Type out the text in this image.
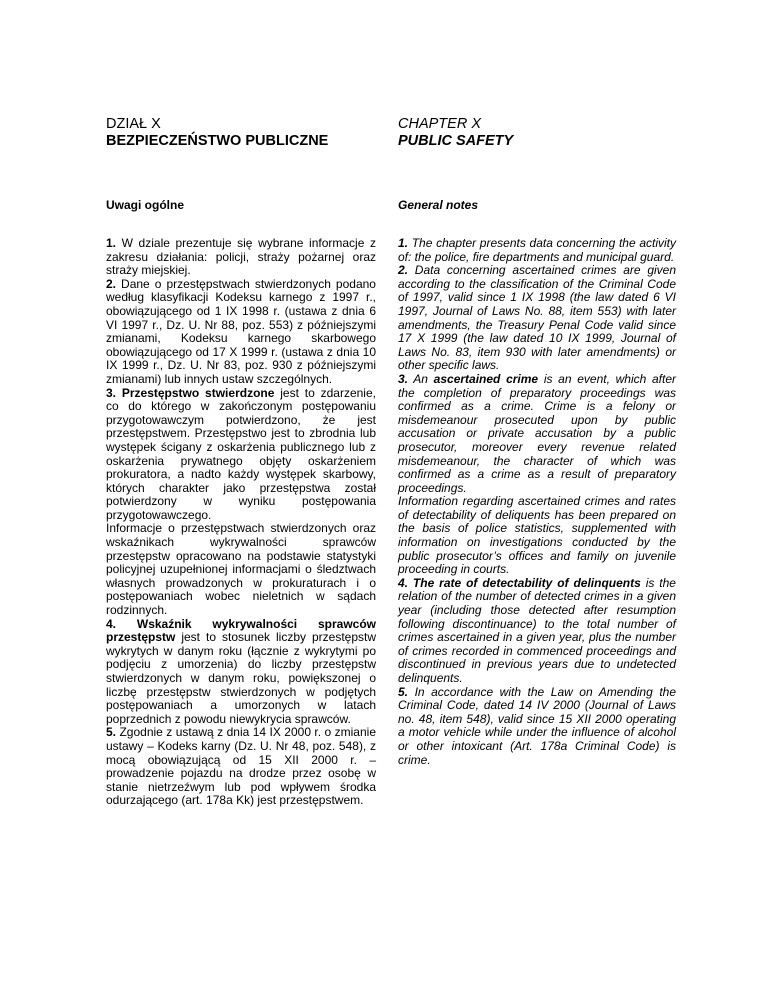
DZIAŁ X
BEZPIECZEŃSTWO PUBLICZNE
Uwagi ogólne

1. W dziale prezentuje się wybrane informacje z zakresu działania: policji, straży pożarnej oraz straży miejskiej.

2. Dane o przestępstwach stwierdzonych podano według klasyfikacji Kodeksu karnego z 1997 r., obowiązującego od 1 IX 1998 r. (ustawa z dnia 6 VI 1997 r., Dz. U. Nr 88, poz. 553) z późniejszymi zmianami, Kodeksu karnego skarbowego obowiązującego od 17 X 1999 r. (ustawa z dnia 10 IX 1999 r., Dz. U. Nr 83, poz. 930 z późniejszymi zmianami) lub innych ustaw szczególnych.

3. Przestępstwo stwierdzone jest to zdarzenie, co do którego w zakończonym postępowaniu przygotowawczym potwierdzono, że jest przestępstwem. Przestępstwo jest to zbrodnia lub występek ścigany z oskarżenia publicznego lub z oskarżenia prywatnego objęty oskarżeniem prokuratora, a nadto każdy występek skarbowy, których charakter jako przestępstwa został potwierdzony w wyniku postępowania przygotowawczego.

Informacje o przestępstwach stwierdzonych oraz wskaźnikach wykrywalności sprawców przestępstw opracowano na podstawie statystyki policyjnej uzupełnionej informacjami o śledztwach własnych prowadzonych w prokuraturach i o postępowaniach wobec nieletnich w sądach rodzinnych.

4. Wskaźnik wykrywalności sprawców przestępstw jest to stosunek liczby przestępstw wykrytych w danym roku (łącznie z wykrytymi po podjęciu z umorzenia) do liczby przestępstw stwierdzonych w danym roku, powiększonej o liczbę przestępstw stwierdzonych w podjętych postępowaniach a umorzonych w latach poprzednich z powodu niewykrycia sprawców.

5. Zgodnie z ustawą z dnia 14 IX 2000 r. o zmianie ustawy – Kodeks karny (Dz. U. Nr 48, poz. 548), z mocą obowiązującą od 15 XII 2000 r. – prowadzenie pojazdu na drodze przez osobę w stanie nietrzeźwym lub pod wpływem środka odurzającego (art. 178a Kk) jest przestępstwem.

CHAPTER X
PUBLIC SAFETY
General notes

1. The chapter presents data concerning the activity of: the police, fire departments and municipal guard.

2. Data concerning ascertained crimes are given according to the classification of the Criminal Code of 1997, valid since 1 IX 1998 (the law dated 6 VI 1997, Journal of Laws No. 88, item 553) with later amendments, the Treasury Penal Code valid since 17 X 1999 (the law dated 10 IX 1999, Journal of Laws No. 83, item 930 with later amendments) or other specific laws.

3. An ascertained crime is an event, which after the completion of preparatory proceedings was confirmed as a crime. Crime is a felony or misdemeanour prosecuted upon by public accusation or private accusation by a public prosecutor, moreover every revenue related misdemeanour, the character of which was confirmed as a crime as a result of preparatory proceedings.

Information regarding ascertained crimes and rates of detectability of deliquents has been prepared on the basis of police statistics, supplemented with information on investigations conducted by the public prosecutor’s offices and family on juvenile proceeding in courts.

4. The rate of detectability of delinquents is the relation of the number of detected crimes in a given year (including those detected after resumption following discontinuance) to the total number of crimes ascertained in a given year, plus the number of crimes recorded in commenced proceedings and discontinued in previous years due to undetected delinquents.

5. In accordance with the Law on Amending the Criminal Code, dated 14 IV 2000 (Journal of Laws no. 48, item 548), valid since 15 XII 2000 operating a motor vehicle while under the influence of alcohol or other intoxicant (Art. 178a Criminal Code) is crime.
